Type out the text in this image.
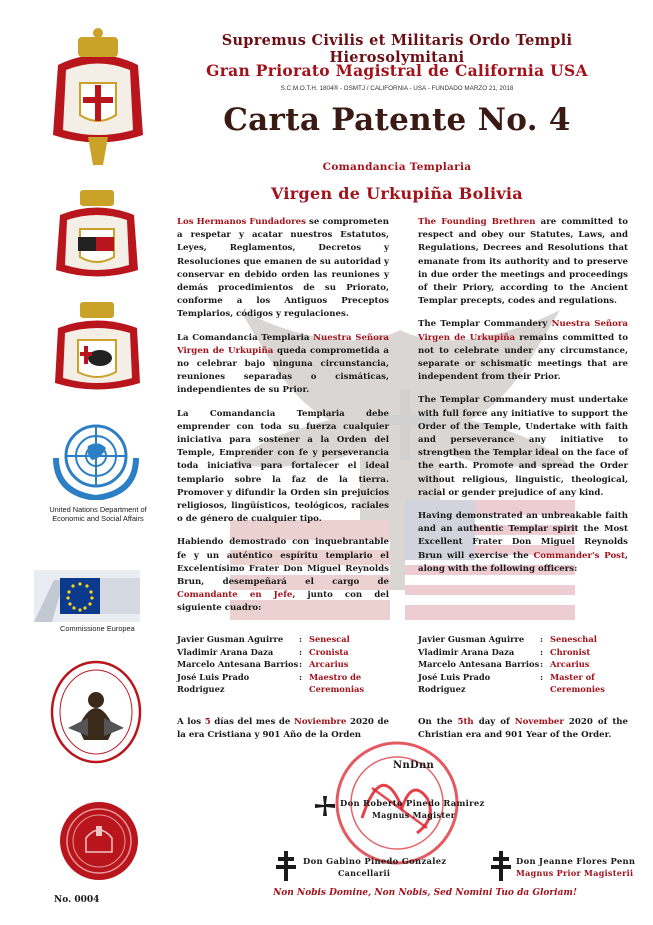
United Nations Department of Economic and Social Affairs
Commissione Europea
No. 0004
Supremus Civilis et Militaris Ordo Templi Hierosolymitani
Gran Priorato Magistral de California USA
S.C.M.O.T.H. 1804® - OSMTJ / CALIFORNIA - USA - FUNDADO MARZO 21, 2018
Carta Patente No. 4
Comandancia Templaria
Virgen de Urkupiña Bolivia

Los Hermanos Fundadores se comprometen a respetar y acatar nuestros Estatutos, Leyes, Reglamentos, Decretos y Resoluciones que emanen de su autoridad y conservar en debido orden las reuniones y demás procedimientos de su Priorato, conforme a los Antiguos Preceptos Templarios, códigos y regulaciones.

La Comandancia Templaria Nuestra Señora Virgen de Urkupiña queda comprometida a no celebrar bajo ninguna circunstancia, reuniones separadas o cismáticas, independientes de su Prior.

La Comandancia Templaria debe emprender con toda su fuerza cualquier iniciativa para sostener a la Orden del Temple, Emprender con fe y perseverancia toda iniciativa para fortalecer el ideal templario sobre la faz de la tierra. Promover y difundir la Orden sin prejuicios religiosos, lingüísticos, teológicos, raciales o de género de cualquier tipo.

Habiendo demostrado con inquebrantable fe y un auténtico espíritu templario el Excelentísimo Frater Don Miguel Reynolds Brun, desempeñará el cargo de Comandante en Jefe, junto con del siguiente cuadro:

Javier Gusman Aguirre	:	Senescal
Vladimir Arana Daza	:	Cronista
Marcelo Antesana Barrios	:	Arcarius
José Luis Prado Rodriguez	:	Maestro de Ceremonias
A los 5 días del mes de Noviembre 2020 de la era Cristiana y 901 Año de la Orden

The Founding Brethren are committed to respect and obey our Statutes, Laws, and Regulations, Decrees and Resolutions that emanate from its authority and to preserve in due order the meetings and proceedings of their Priory, according to the Ancient Templar precepts, codes and regulations.

The Templar Commandery Nuestra Señora Virgen de Urkupiña remains committed to not to celebrate under any circumstance, separate or schismatic meetings that are independent from their Prior.

The Templar Commandery must undertake with full force any initiative to support the Order of the Temple, Undertake with faith and perseverance any initiative to strengthen the Templar ideal on the face of the earth. Promote and spread the Order without religious, linguistic, theological, racial or gender prejudice of any kind.

Having demonstrated an unbreakable faith and an authentic Templar spirit the Most Excellent Frater Don Miguel Reynolds Brun will exercise the Commander's Post, along with the following officers:

Javier Gusman Aguirre	:	Seneschal
Vladimir Arana Daza	:	Chronist
Marcelo Antesana Barrios	:	Arcarius
José Luis Prado Rodriguez	:	Master of Ceremonies
On the 5th day of November 2020 of the Christian era and 901 Year of the Order.
NnDnn
Don Roberto Pinedo Ramirez
Magnus Magister
Don Gabino Pinedo Gonzalez
Cancellarii
Don Jeanne Flores Penn
Magnus Prior Magisterii
Non Nobis Domine, Non Nobis, Sed Nomini Tuo da Gloriam!
